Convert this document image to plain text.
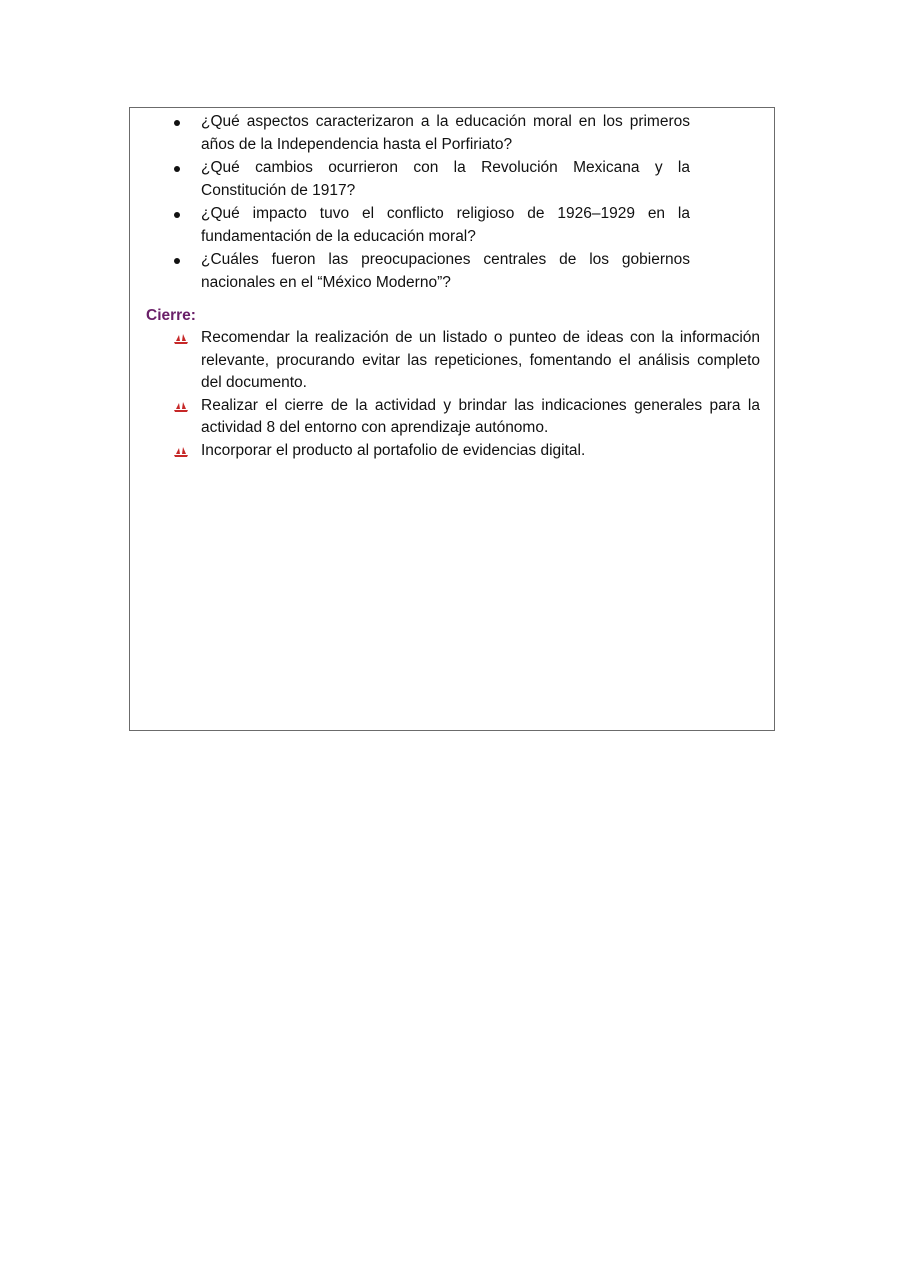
¿Qué aspectos caracterizaron a la educación moral en los primeros años de la Independencia hasta el Porfiriato?
¿Qué cambios ocurrieron con la Revolución Mexicana y la Constitución de 1917?
¿Qué impacto tuvo el conflicto religioso de 1926–1929 en la fundamentación de la educación moral?
¿Cuáles fueron las preocupaciones centrales de los gobiernos nacionales en el “México Moderno”?
Cierre:
Recomendar la realización de un listado o punteo de ideas con la información relevante, procurando evitar las repeticiones, fomentando el análisis completo del documento.
Realizar el cierre de la actividad y brindar las indicaciones generales para la actividad 8 del entorno con aprendizaje autónomo.
Incorporar el producto al portafolio de evidencias digital.
